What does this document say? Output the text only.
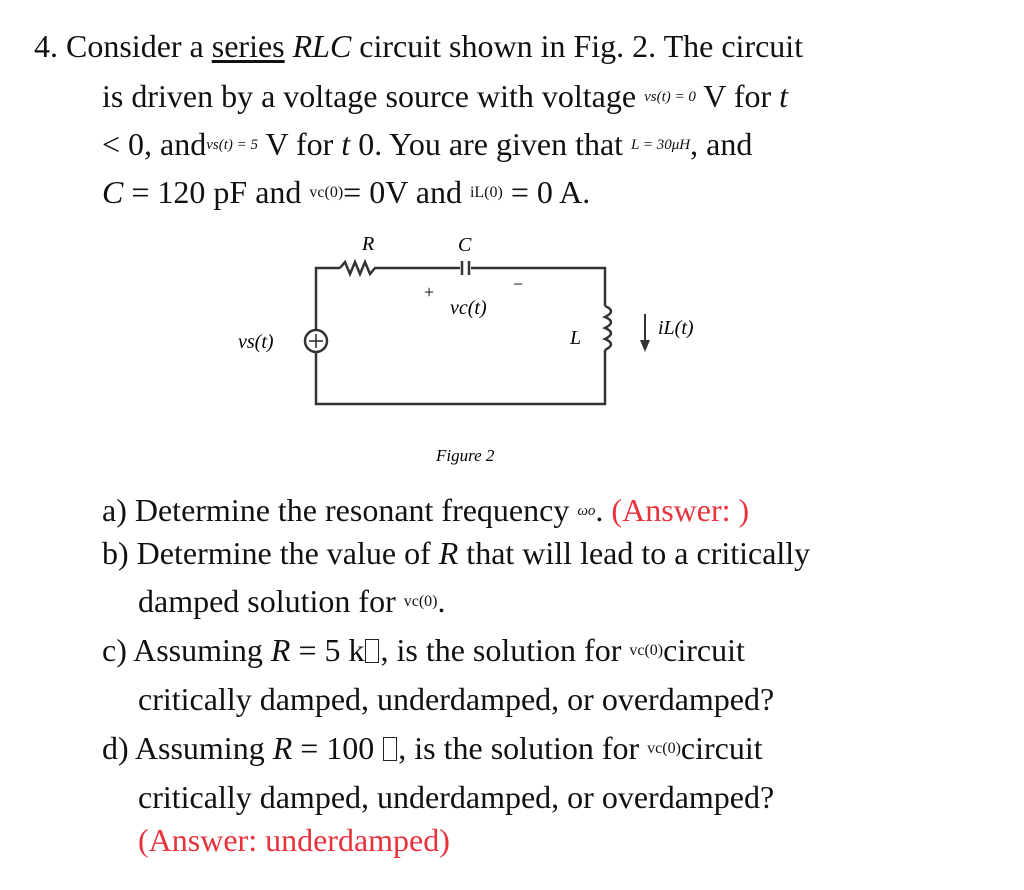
4. Consider a series RLC circuit shown in Fig. 2. The circuit
is driven by a voltage source with voltage vs(t) = 0 V for t
< 0, andvs(t) = 5 V for t 0. You are given that L = 30μH, and
C = 120 pF and vc(0)= 0V and iL(0) = 0 A.
R	C
+	−
vc(t)
L	iL(t)
vs(t)
Figure 2
a) Determine the resonant frequency ωo. (Answer: )
b) Determine the value of R that will lead to a critically
damped solution for vc(0).
c) Assuming R = 5 k , is the solution for vc(0)circuit
critically damped, underdamped, or overdamped?
d) Assuming R = 100 , is the solution for vc(0)circuit
critically damped, underdamped, or overdamped?
(Answer: underdamped)
